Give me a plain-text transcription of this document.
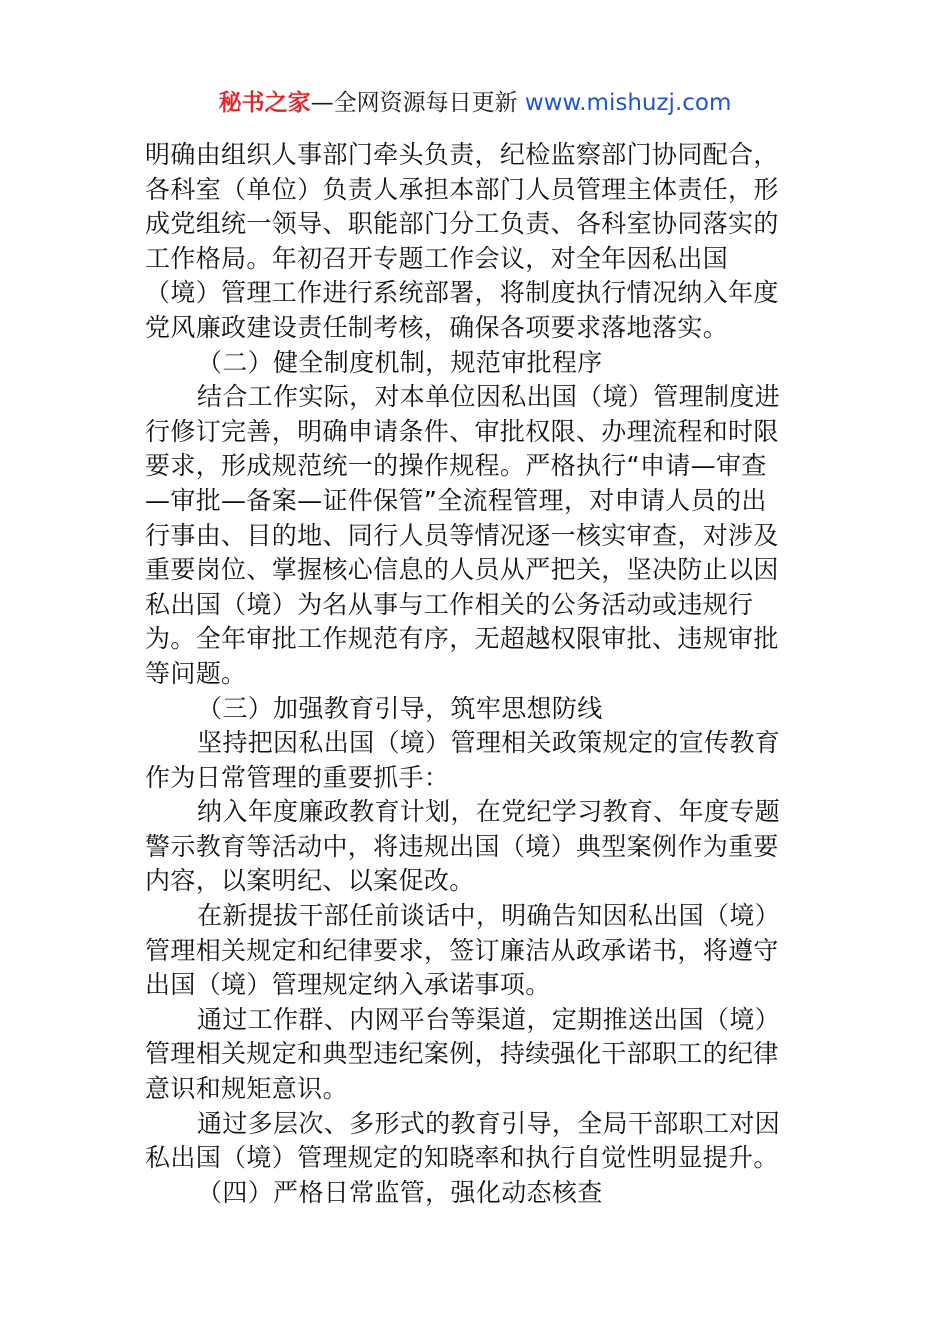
秘书之家—全网资源每日更新 www.mishuzj.com
明确由组织人事部门牵头负责，纪检监察部门协同配合，
各科室（单位）负责人承担本部门人员管理主体责任，形
成党组统一领导、职能部门分工负责、各科室协同落实的
工作格局。年初召开专题工作会议，对全年因私出国
（境）管理工作进行系统部署，将制度执行情况纳入年度
党风廉政建设责任制考核，确保各项要求落地落实。
（二）健全制度机制，规范审批程序
结合工作实际，对本单位因私出国（境）管理制度进
行修订完善，明确申请条件、审批权限、办理流程和时限
要求，形成规范统一的操作规程。严格执行“申请—审查
—审批—备案—证件保管”全流程管理，对申请人员的出
行事由、目的地、同行人员等情况逐一核实审查，对涉及
重要岗位、掌握核心信息的人员从严把关，坚决防止以因
私出国（境）为名从事与工作相关的公务活动或违规行
为。全年审批工作规范有序，无超越权限审批、违规审批
等问题。
（三）加强教育引导，筑牢思想防线
坚持把因私出国（境）管理相关政策规定的宣传教育
作为日常管理的重要抓手：
纳入年度廉政教育计划，在党纪学习教育、年度专题
警示教育等活动中，将违规出国（境）典型案例作为重要
内容，以案明纪、以案促改。
在新提拔干部任前谈话中，明确告知因私出国（境）
管理相关规定和纪律要求，签订廉洁从政承诺书，将遵守
出国（境）管理规定纳入承诺事项。
通过工作群、内网平台等渠道，定期推送出国（境）
管理相关规定和典型违纪案例，持续强化干部职工的纪律
意识和规矩意识。
通过多层次、多形式的教育引导，全局干部职工对因
私出国（境）管理规定的知晓率和执行自觉性明显提升。
（四）严格日常监管，强化动态核查
